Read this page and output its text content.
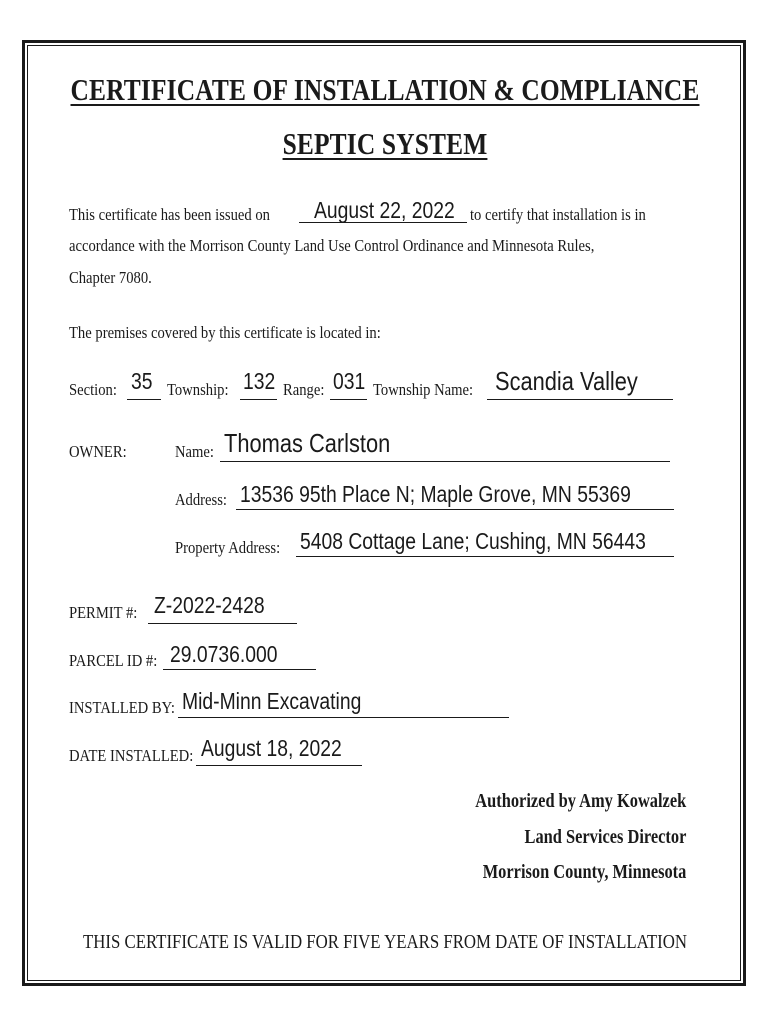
CERTIFICATE OF INSTALLATION & COMPLIANCE
SEPTIC SYSTEM
This certificate has been issued on August 22, 2022 to certify that installation is in
accordance with the Morrison County Land Use Control Ordinance and Minnesota Rules,
Chapter 7080.
The premises covered by this certificate is located in:
Section: 35 Township: 132 Range: 031 Township Name: Scandia Valley
OWNER:	Name: Thomas Carlston
Address: 13536 95th Place N; Maple Grove, MN 55369
Property Address: 5408 Cottage Lane; Cushing, MN 56443
PERMIT #: Z-2022-2428
PARCEL ID #: 29.0736.000
INSTALLED BY: Mid-Minn Excavating
DATE INSTALLED: August 18, 2022
Authorized by Amy Kowalzek
Land Services Director
Morrison County, Minnesota
THIS CERTIFICATE IS VALID FOR FIVE YEARS FROM DATE OF INSTALLATION
